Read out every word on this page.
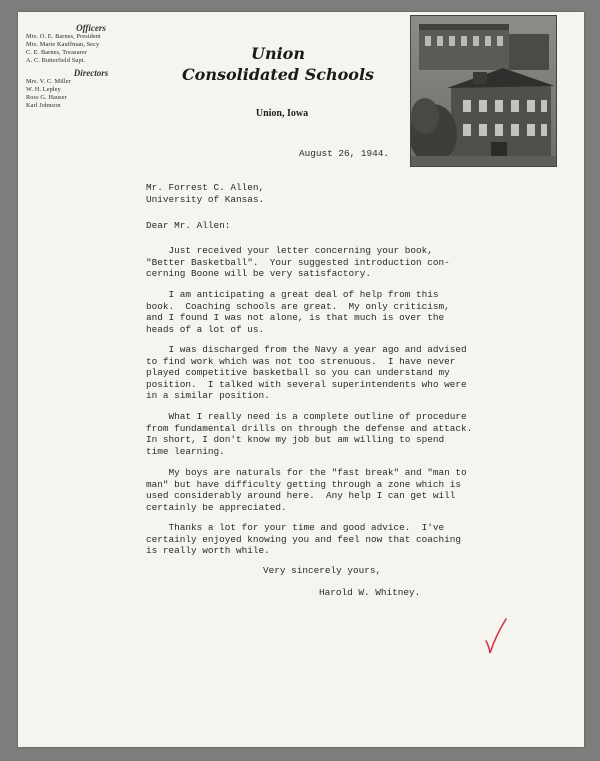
Officers
Mrs. O. E. Barnes, President
Mrs. Marie Kauffman, Secy
C. E. Barnes, Treasurer
A. C. Butterfield Supt.
Directors
Mrs. V. C. Miller
W. H. Lepley
Ross G. Hauser
Karl Johnson
Union
Consolidated Schools
Union, Iowa
August 26, 1944.
Mr. Forrest C. Allen,
University of Kansas.
Dear Mr. Allen:
Just received your letter concerning your book,
"Better Basketball".  Your suggested introduction con-
cerning Boone will be very satisfactory.
I am anticipating a great deal of help from this
book.  Coaching schools are great.  My only criticism,
and I found I was not alone, is that much is over the
heads of a lot of us.
I was discharged from the Navy a year ago and advised
to find work which was not too strenuous.  I have never
played competitive basketball so you can understand my
position.  I talked with several superintendents who were
in a similar position.
What I really need is a complete outline of procedure
from fundamental drills on through the defense and attack.
In short, I don't know my job but am willing to spend
time learning.
My boys are naturals for the "fast break" and "man to
man" but have difficulty getting through a zone which is
used considerably around here.  Any help I can get will
certainly be appreciated.
Thanks a lot for your time and good advice.  I've
certainly enjoyed knowing you and feel now that coaching
is really worth while.
Very sincerely yours,
Harold W. Whitney.
